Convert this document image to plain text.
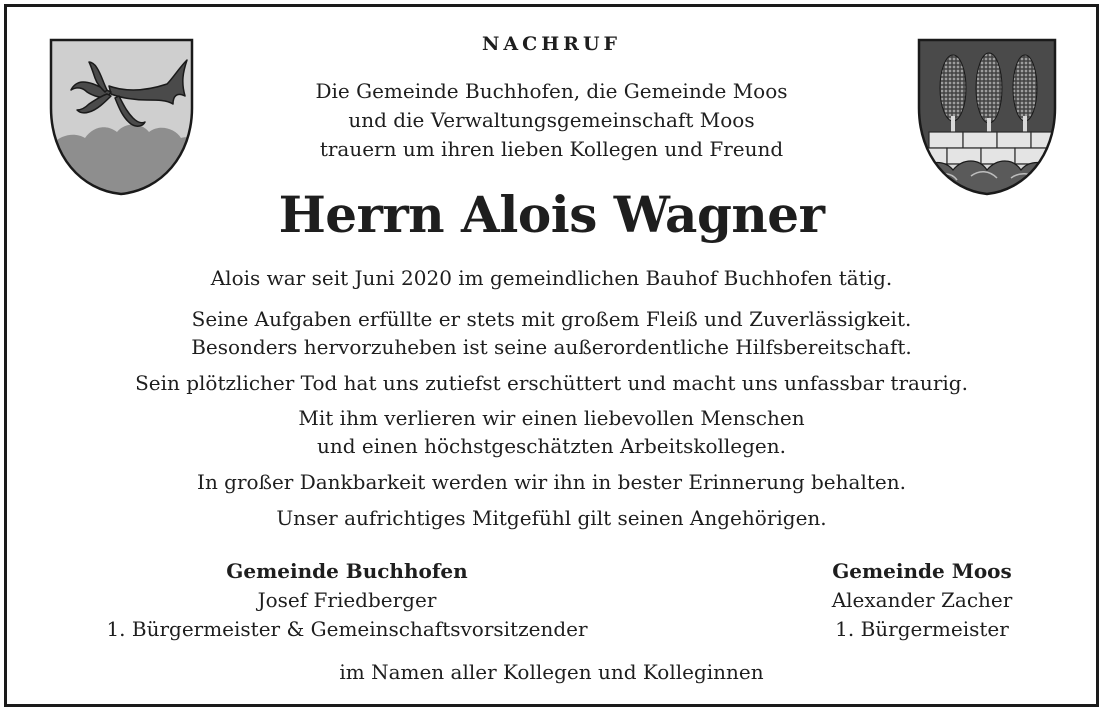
NACHRUF
Die Gemeinde Buchhofen, die Gemeinde Moos
und die Verwaltungsgemeinschaft Moos
trauern um ihren lieben Kollegen und Freund
Herrn Alois Wagner
Alois war seit Juni 2020 im gemeindlichen Bauhof Buchhofen tätig.
Seine Aufgaben erfüllte er stets mit großem Fleiß und Zuverlässigkeit.
Besonders hervorzuheben ist seine außerordentliche Hilfsbereitschaft.
Sein plötzlicher Tod hat uns zutiefst erschüttert und macht uns unfassbar traurig.
Mit ihm verlieren wir einen liebevollen Menschen
und einen höchstgeschätzten Arbeitskollegen.
In großer Dankbarkeit werden wir ihn in bester Erinnerung behalten.
Unser aufrichtiges Mitgefühl gilt seinen Angehörigen.
Gemeinde Buchhofen
Josef Friedberger
1. Bürgermeister & Gemeinschaftsvorsitzender
Gemeinde Moos
Alexander Zacher
1. Bürgermeister
im Namen aller Kollegen und Kolleginnen
